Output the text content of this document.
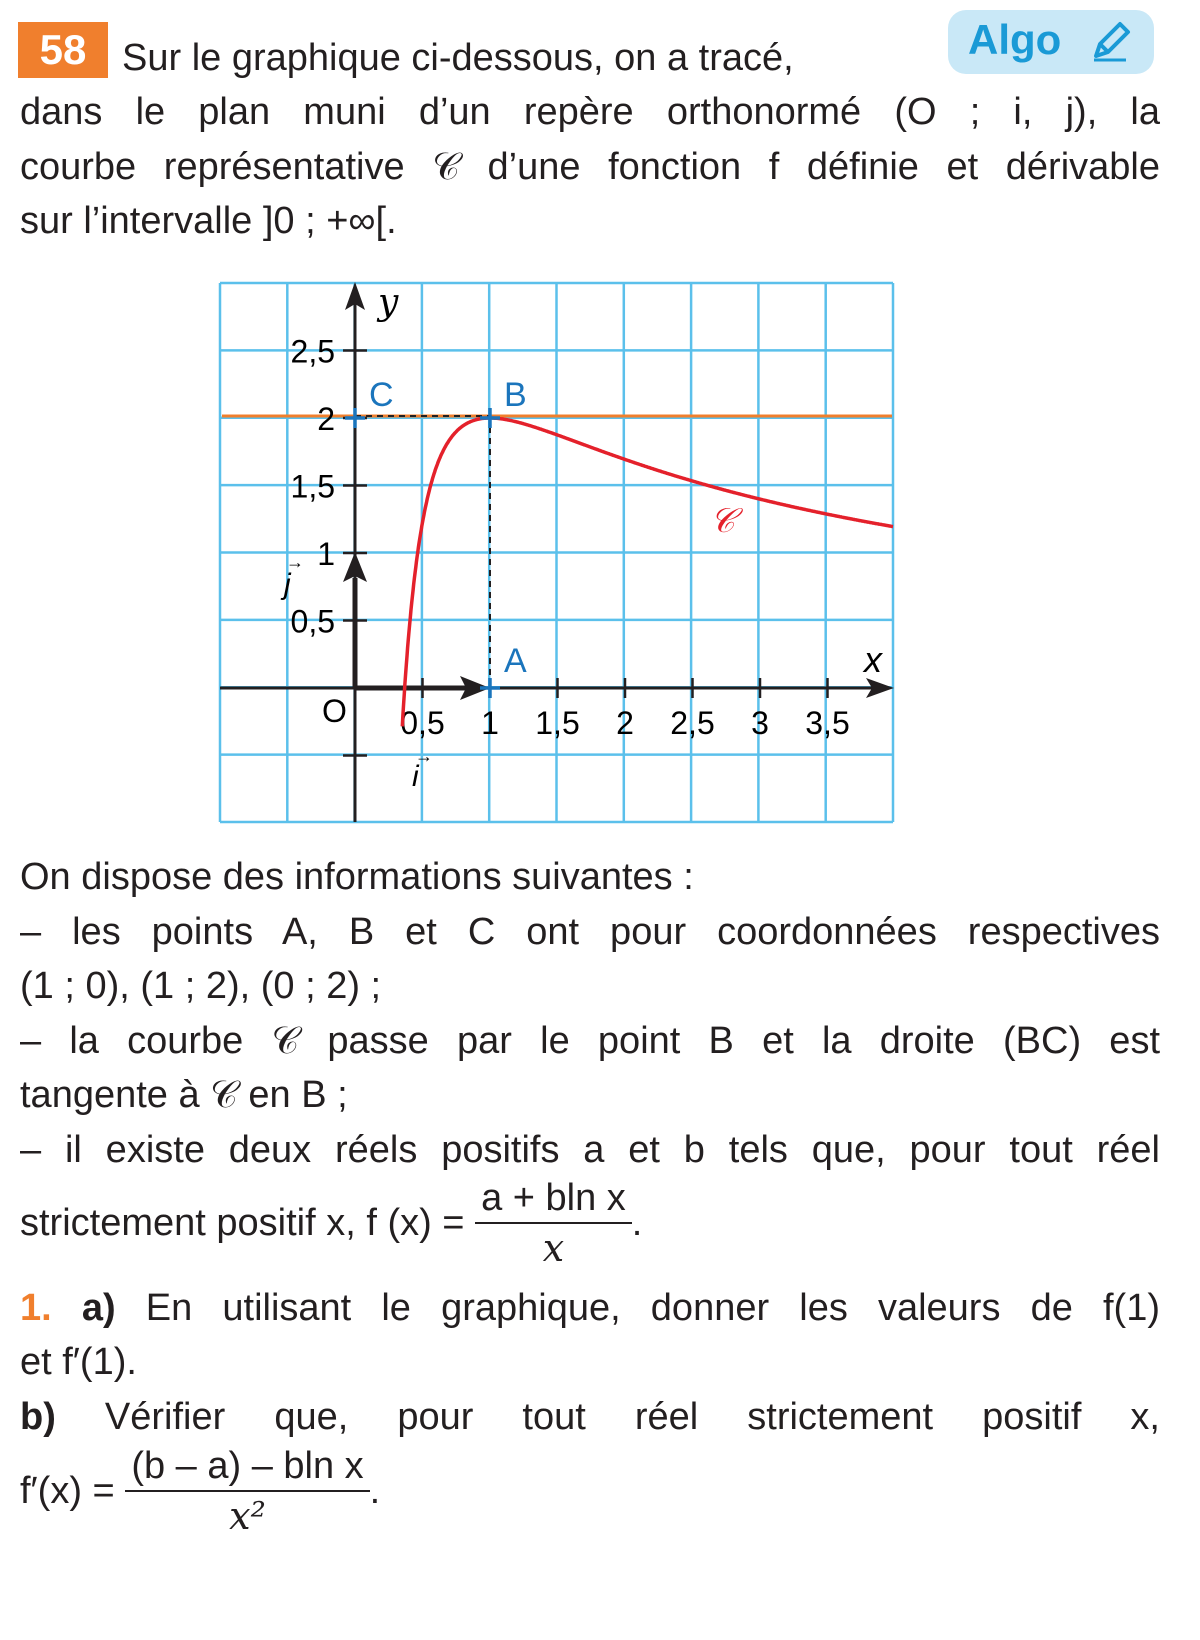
58	Algo

Sur le graphique ci-dessous, on a tracé,

dans le plan muni d’un repère orthonormé (O ; i, j), la

courbe représentative 𝒞 d’une fonction f définie et dérivable

sur l’intervalle ]0 ; +∞[.

0,5 1 1,5 2 2,5 3 3,5
0,5
1
1,5
2
2,5
A
B
C
y
x
O
𝒞
i
→
j
→

On dispose des informations suivantes :

– les points A, B et C ont pour coordonnées respectives

(1 ; 0), (1 ; 2), (0 ; 2) ;

– la courbe 𝒞 passe par le point B et la droite (BC) est

tangente à 𝒞 en B ;

– il existe deux réels positifs a et b tels que, pour tout réel

strictement positif x, f $(x) = \frac{\text{a + bln x}}{x}$ .

1. a) En utilisant le graphique, donner les valeurs de f(1)

et f′(1).

b) Vérifier que, pour tout réel strictement positif x,

$f'(x) = \frac{\text{(b – a) – bln x}}{\text{x²}}$ .
